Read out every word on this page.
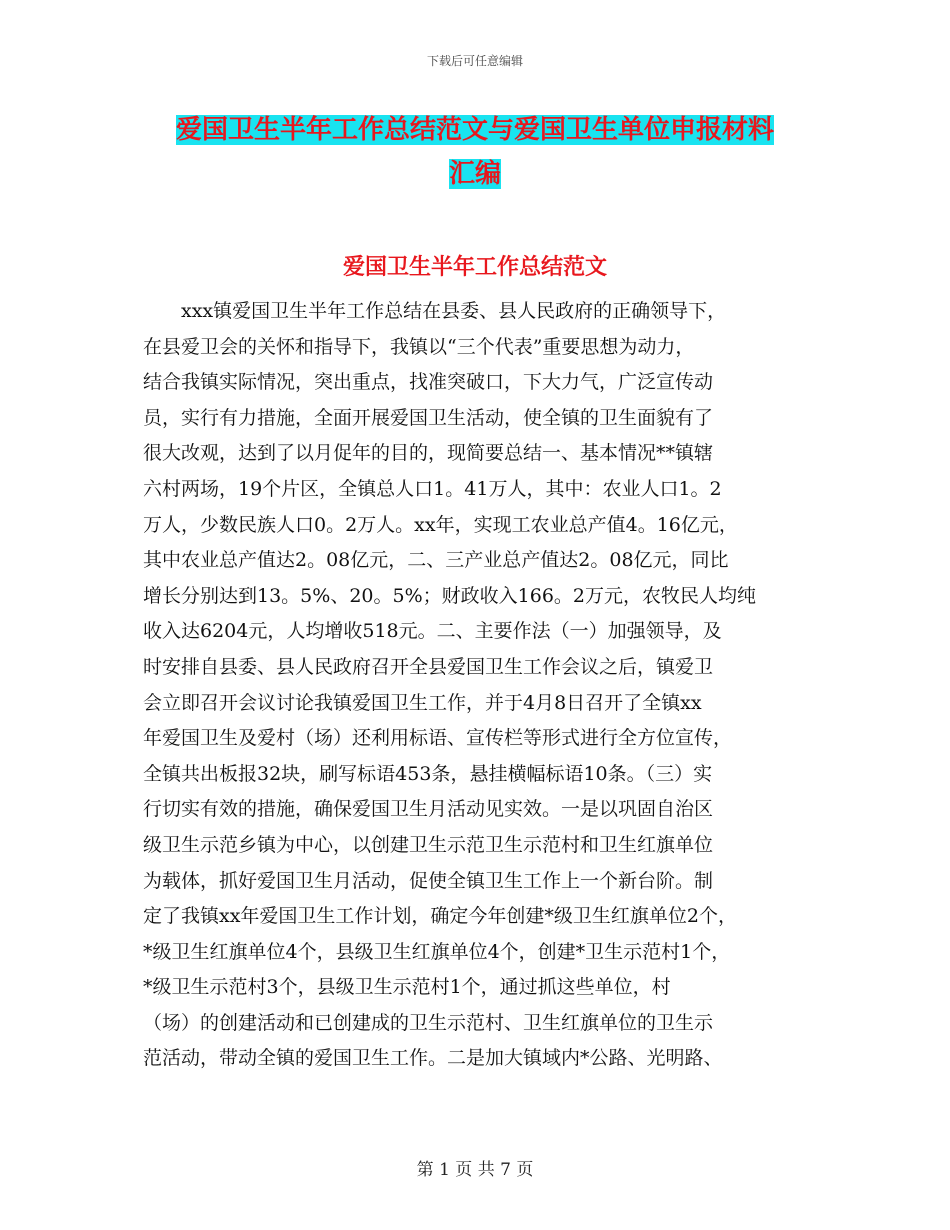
下载后可任意编辑
爱国卫生半年工作总结范文与爱国卫生单位申报材料
汇编
爱国卫生半年工作总结范文
　　xxx镇爱国卫生半年工作总结在县委、县人民政府的正确领导下，
在县爱卫会的关怀和指导下，我镇以“三个代表”重要思想为动力，
结合我镇实际情况，突出重点，找准突破口，下大力气，广泛宣传动
员，实行有力措施，全面开展爱国卫生活动，使全镇的卫生面貌有了
很大改观，达到了以月促年的目的，现简要总结一、基本情况**镇辖
六村两场，19个片区，全镇总人口1。41万人，其中：农业人口1。2
万人，少数民族人口0。2万人。xx年，实现工农业总产值4。16亿元，
其中农业总产值达2。08亿元，二、三产业总产值达2。08亿元，同比
增长分别达到13。5%、20。5%；财政收入166。2万元，农牧民人均纯
收入达6204元，人均增收518元。二、主要作法（一）加强领导，及
时安排自县委、县人民政府召开全县爱国卫生工作会议之后，镇爱卫
会立即召开会议讨论我镇爱国卫生工作，并于4月8日召开了全镇xx
年爱国卫生及爱村（场）还利用标语、宣传栏等形式进行全方位宣传，
全镇共出板报32块，刷写标语453条，悬挂横幅标语10条。（三）实
行切实有效的措施，确保爱国卫生月活动见实效。一是以巩固自治区
级卫生示范乡镇为中心，以创建卫生示范卫生示范村和卫生红旗单位
为载体，抓好爱国卫生月活动，促使全镇卫生工作上一个新台阶。制
定了我镇xx年爱国卫生工作计划，确定今年创建*级卫生红旗单位2个，
*级卫生红旗单位4个，县级卫生红旗单位4个，创建*卫生示范村1个，
*级卫生示范村3个，县级卫生示范村1个，通过抓这些单位，村
（场）的创建活动和已创建成的卫生示范村、卫生红旗单位的卫生示
范活动，带动全镇的爱国卫生工作。二是加大镇域内*公路、光明路、
第 1 页 共 7 页
